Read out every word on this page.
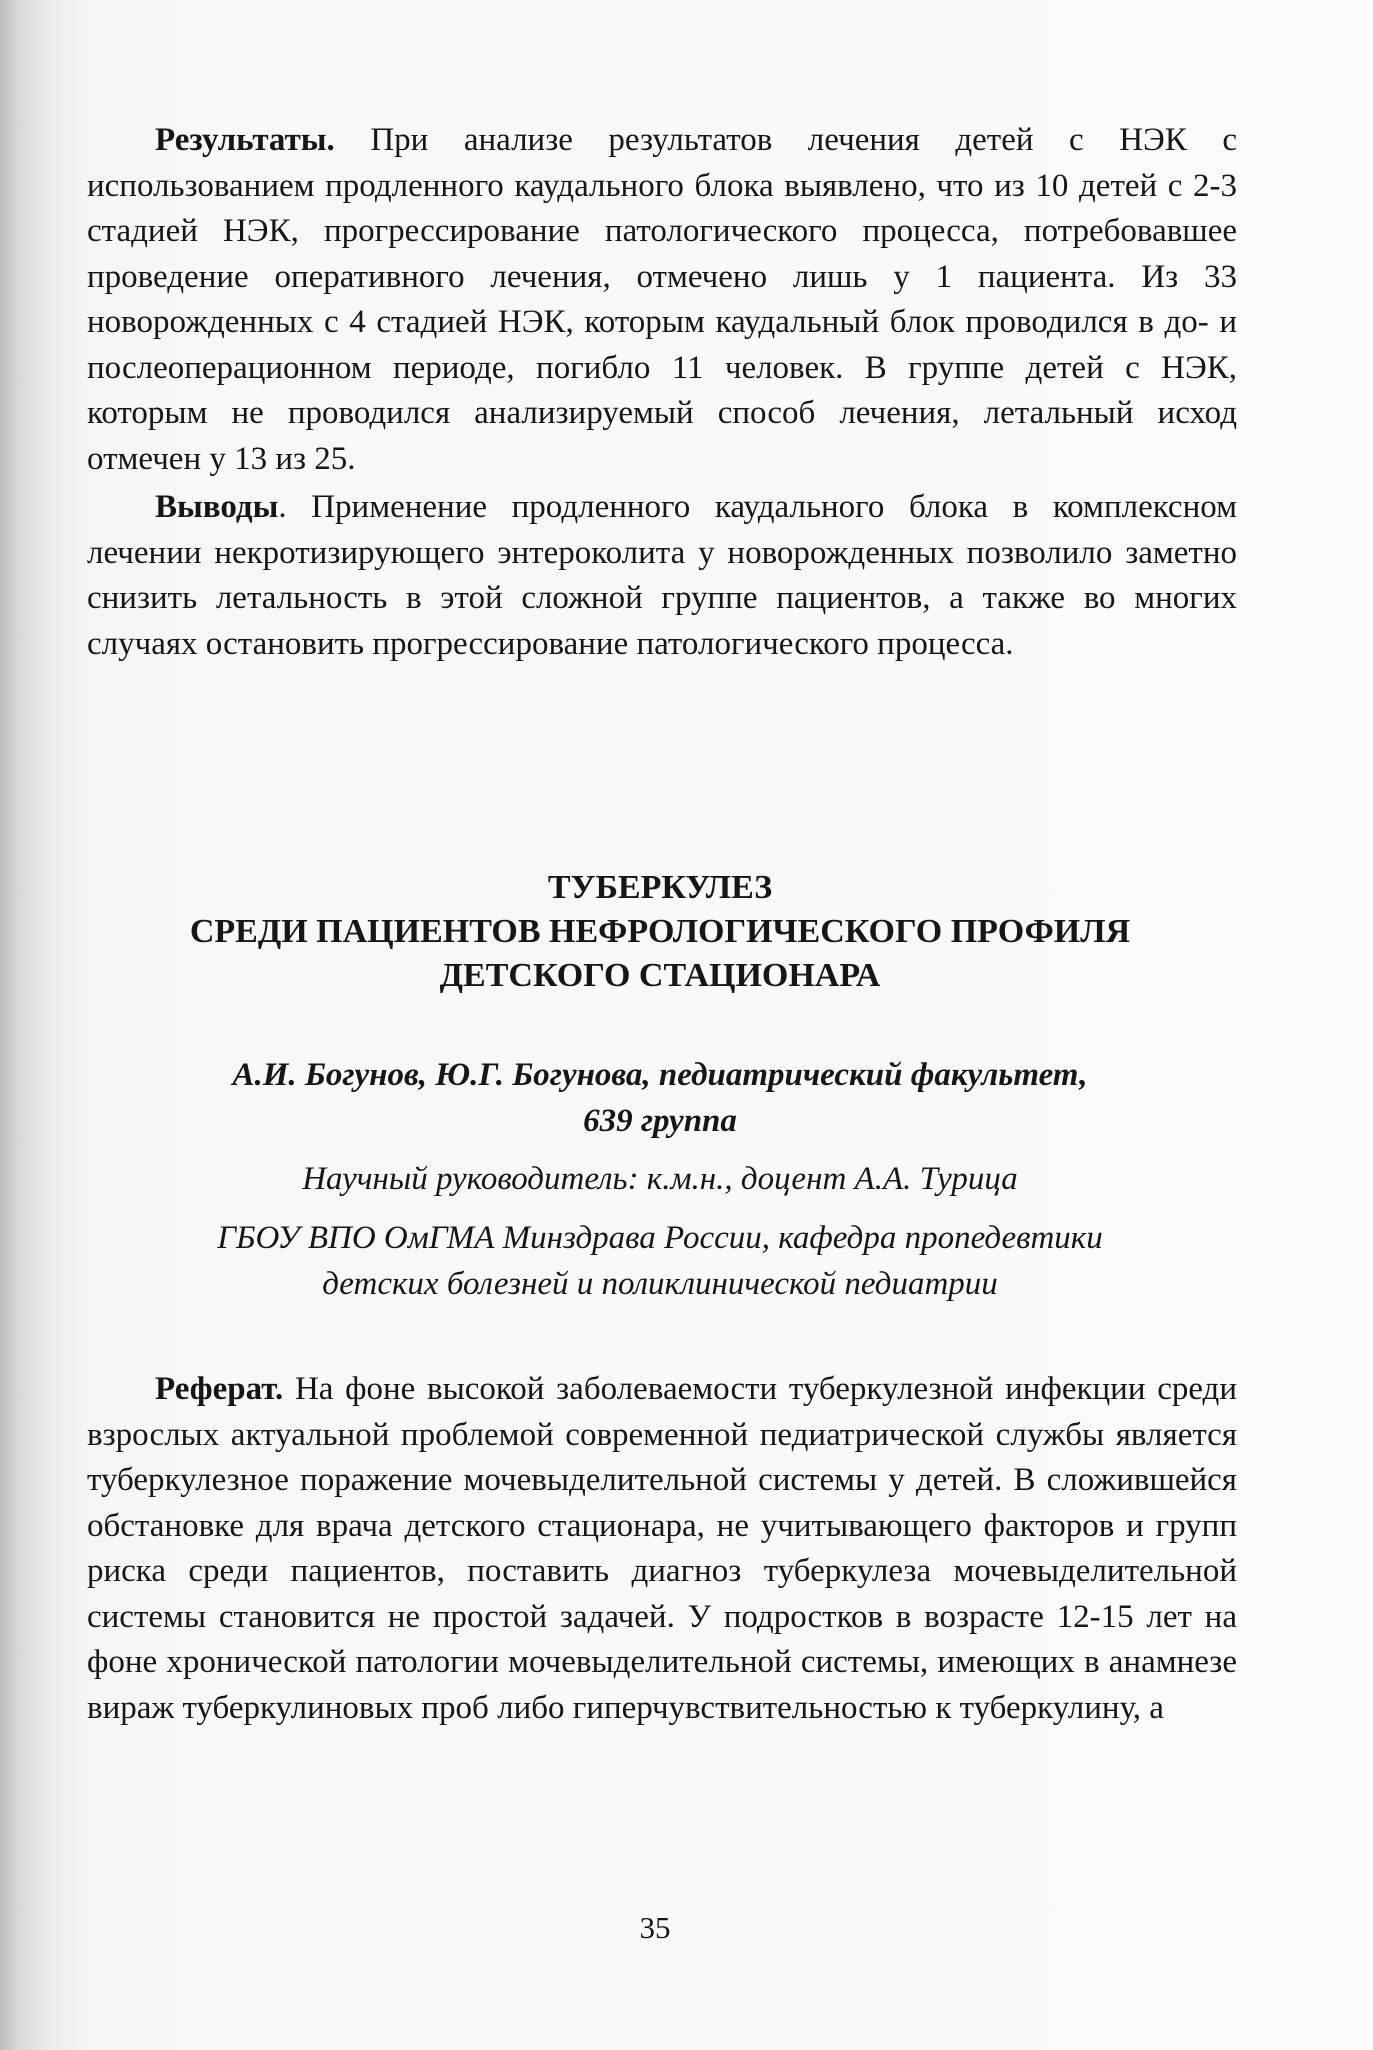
Результаты. При анализе результатов лечения детей с НЭК с использованием продленного каудального блока выявлено, что из 10 детей с 2-3 стадией НЭК, прогрессирование патологического процесса, потребовавшее проведение оперативного лечения, отмечено лишь у 1 пациента. Из 33 новорожденных с 4 стадией НЭК, которым каудальный блок проводился в до- и послеоперационном периоде, погибло 11 человек. В группе детей с НЭК, которым не проводился анализируемый способ лечения, летальный исход отмечен у 13 из 25.

Выводы. Применение продленного каудального блока в комплексном лечении некротизирующего энтероколита у новорожденных позволило заметно снизить летальность в этой сложной группе пациентов, а также во многих случаях остановить прогрессирование патологического процесса.

ТУБЕРКУЛЕЗ
СРЕДИ ПАЦИЕНТОВ НЕФРОЛОГИЧЕСКОГО ПРОФИЛЯ
ДЕТСКОГО СТАЦИОНАРА
А.И. Богунов, Ю.Г. Богунова, педиатрический факультет,
639 группа
Научный руководитель: к.м.н., доцент А.А. Турица
ГБОУ ВПО ОмГМА Минздрава России, кафедра пропедевтики
детских болезней и поликлинической педиатрии

Реферат. На фоне высокой заболеваемости туберкулезной инфекции среди взрослых актуальной проблемой современной педиатрической службы является туберкулезное поражение мочевыделительной системы у детей. В сложившейся обстановке для врача детского стационара, не учитывающего факторов и групп риска среди пациентов, поставить диагноз туберкулеза мочевыделительной системы становится не простой задачей. У подростков в возрасте 12-15 лет на фоне хронической патологии мочевыделительной системы, имеющих в анамнезе вираж туберкулиновых проб либо гиперчувствительностью к туберкулину, а

35
